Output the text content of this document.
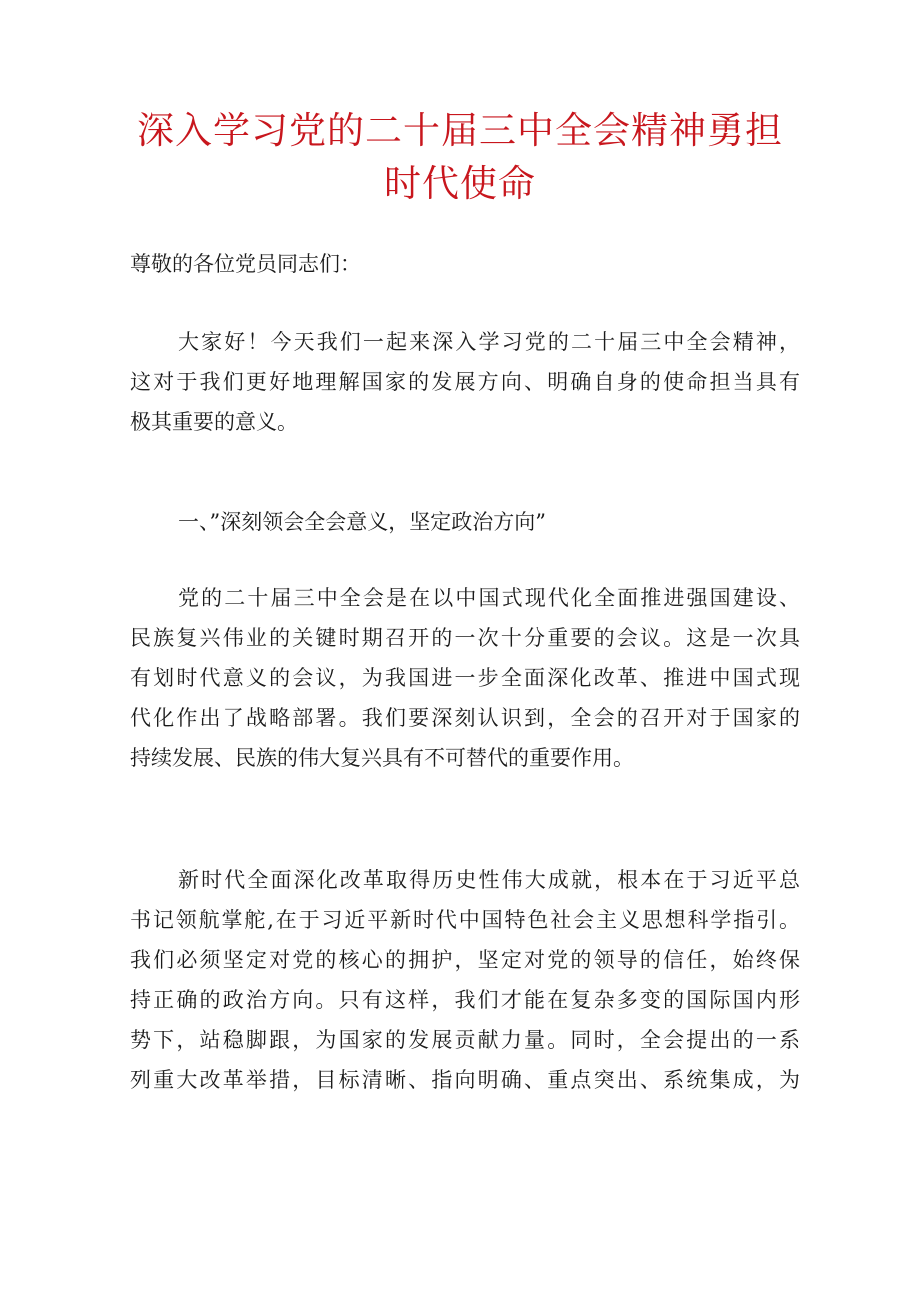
深入学习党的二十届三中全会精神勇担
时代使命

尊敬的各位党员同志们：

大家好！今天我们一起来深入学习党的二十届三中全会精神，
这对于我们更好地理解国家的发展方向、明确自身的使命担当具有
极其重要的意义。

一、”深刻领会全会意义，坚定政治方向”

党的二十届三中全会是在以中国式现代化全面推进强国建设、
民族复兴伟业的关键时期召开的一次十分重要的会议。这是一次具
有划时代意义的会议，为我国进一步全面深化改革、推进中国式现
代化作出了战略部署。我们要深刻认识到，全会的召开对于国家的
持续发展、民族的伟大复兴具有不可替代的重要作用。

新时代全面深化改革取得历史性伟大成就，根本在于习近平总
书记领航掌舵,在于习近平新时代中国特色社会主义思想科学指引。
我们必须坚定对党的核心的拥护，坚定对党的领导的信任，始终保
持正确的政治方向。只有这样，我们才能在复杂多变的国际国内形
势下，站稳脚跟，为国家的发展贡献力量。同时，全会提出的一系
列重大改革举措，目标清晰、指向明确、重点突出、系统集成，为
